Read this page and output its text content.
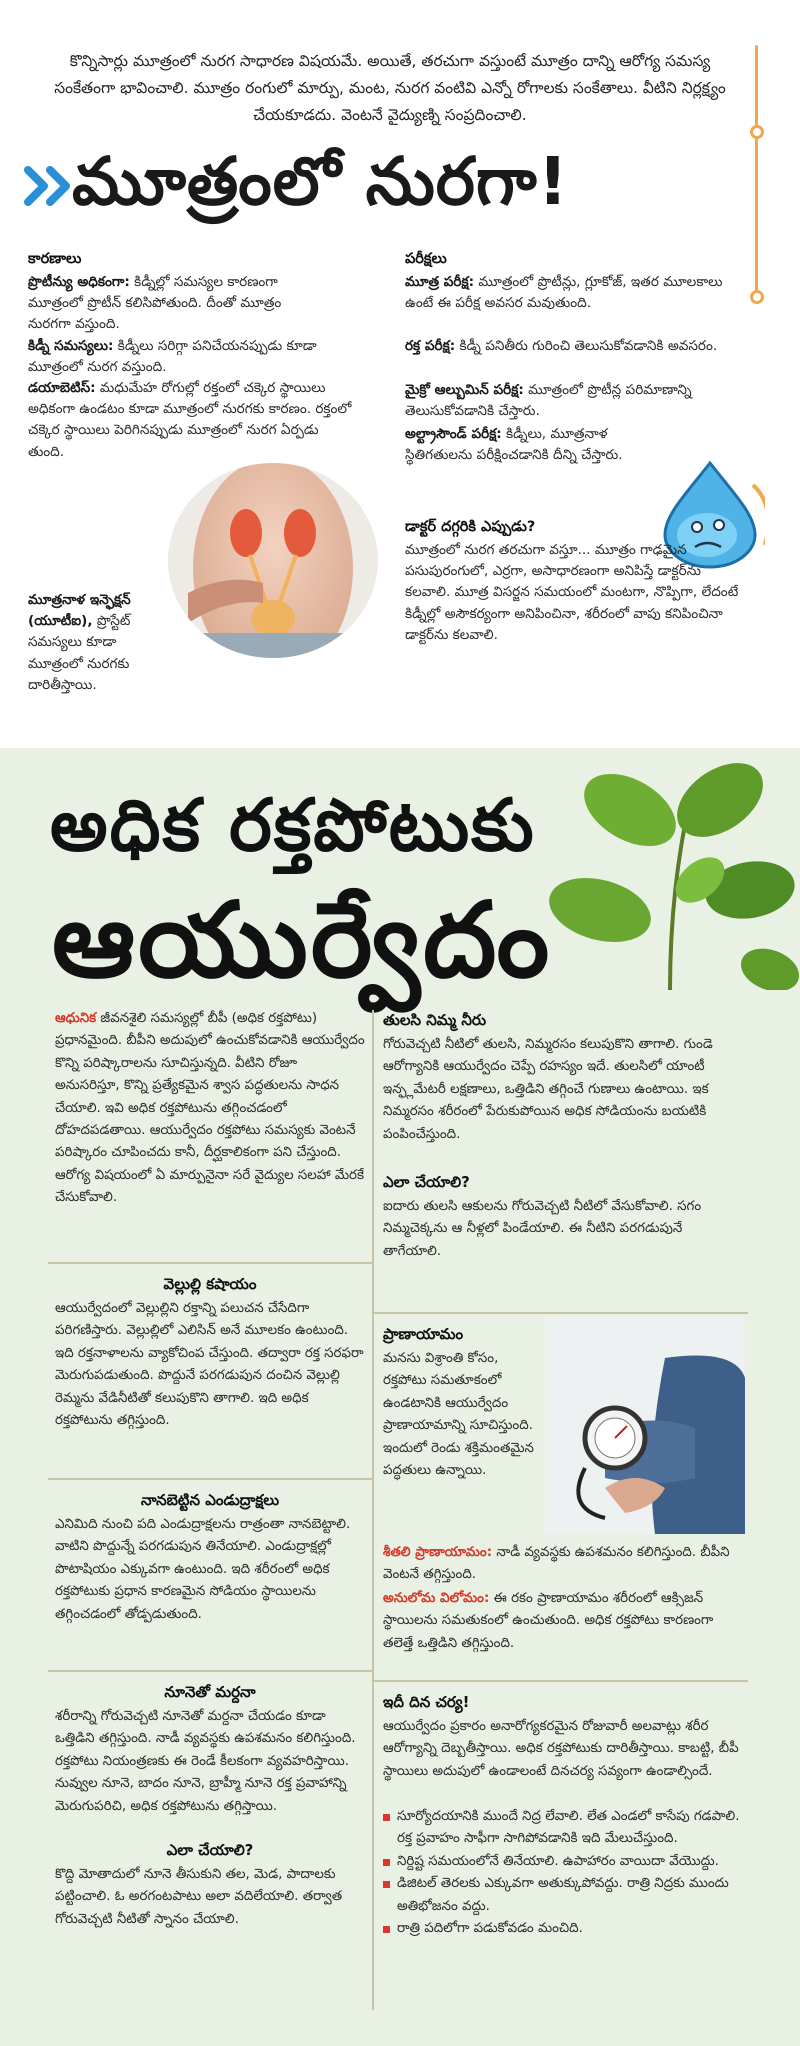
కొన్నిసార్లు మూత్రంలో నురగ సాధారణ విషయమే. అయితే, తరచుగా వస్తుంటే మూత్రం దాన్ని ఆరోగ్య సమస్య సంకేతంగా భావించాలి. మూత్రం రంగులో మార్పు, మంట, నురగ వంటివి ఎన్నో రోగాలకు సంకేతాలు. వీటిని నిర్లక్ష్యం చేయకూడదు. వెంటనే వైద్యుణ్ని సంప్రదించాలి.
మూత్రంలో నురగా!
కారణాలు
ప్రొటీన్యు అధికంగా: కిడ్నీల్లో సమస్యల కారణంగా మూత్రంలో ప్రొటీన్ కలిసిపోతుంది. దీంతో మూత్రం నురగగా వస్తుంది.
కిడ్నీ సమస్యలు: కిడ్నీలు సరిగ్గా పనిచేయనప్పుడు కూడా మూత్రంలో నురగ వస్తుంది.
డయాబెటిస్: మధుమేహ రోగుల్లో రక్తంలో చక్కెర స్థాయిలు అధికంగా ఉండటం కూడా మూత్రంలో నురగకు కారణం. రక్తంలో చక్కెర స్థాయిలు పెరిగినప్పుడు మూత్రంలో నురగ ఏర్పడు తుంది.
మూత్రనాళ ఇన్ఫెక్షన్ (యూటీఐ), ప్రొస్టేట్ సమస్యలు కూడా మూత్రంలో నురగకు దారితీస్తాయి.
పరీక్షలు
మూత్ర పరీక్ష: మూత్రంలో ప్రొటీన్లు, గ్లూకోజ్, ఇతర మూలకాలు ఉంటే ఈ పరీక్ష అవసర మవుతుంది.
రక్త పరీక్ష: కిడ్నీ పనితీరు గురించి తెలుసుకోవడానికి అవసరం.
మైక్రో ఆల్బుమిన్ పరీక్ష: మూత్రంలో ప్రొటీన్ల పరిమాణాన్ని తెలుసుకోవడానికి చేస్తారు.
అల్ట్రాసౌండ్ పరీక్ష: కిడ్నీలు, మూత్రనాళ స్థితిగతులను పరీక్షించడానికి దీన్ని చేస్తారు.
డాక్టర్ దగ్గరికి ఎప్పుడు?
మూత్రంలో నురగ తరచుగా వస్తూ... మూత్రం గాఢమైన పసుపురంగులో, ఎర్రగా, అసాధారణంగా అనిపిస్తే డాక్టర్‌ను కలవాలి. మూత్ర విసర్జన సమయంలో మంటగా, నొప్పిగా, లేదంటే కిడ్నీల్లో అసౌకర్యంగా అనిపించినా, శరీరంలో వాపు కనిపించినా డాక్టర్‌ను కలవాలి.
అధిక రక్తపోటుకు
ఆయుర్వేదం
ఆధునిక జీవనశైలి సమస్యల్లో బీపీ (అధిక రక్తపోటు) ప్రధానమైంది. బీపీని అదుపులో ఉంచుకోవడానికి ఆయుర్వేదం కొన్ని పరిష్కారాలను సూచిస్తున్నది. వీటిని రోజూ అనుసరిస్తూ, కొన్ని ప్రత్యేకమైన శ్వాస పద్ధతులను సాధన చేయాలి. ఇవి అధిక రక్తపోటును తగ్గించడంలో దోహదపడతాయి. ఆయుర్వేదం రక్తపోటు సమస్యకు వెంటనే పరిష్కారం చూపించదు కానీ, దీర్ఘకాలికంగా పని చేస్తుంది. ఆరోగ్య విషయంలో ఏ మార్పునైనా సరే వైద్యుల సలహా మేరకే చేసుకోవాలి.
వెల్లుల్లి కషాయం
ఆయుర్వేదంలో వెల్లుల్లిని రక్తాన్ని పలుచన చేసేదిగా పరిగణిస్తారు. వెల్లుల్లిలో ఎలిసిన్ అనే మూలకం ఉంటుంది. ఇది రక్తనాళాలను వ్యాకోచింప చేస్తుంది. తద్వారా రక్త సరఫరా మెరుగుపడుతుంది. పొద్దునే పరగడుపున దంచిన వెల్లుల్లి రెమ్మను వేడినీటితో కలుపుకొని తాగాలి. ఇది అధిక రక్తపోటును తగ్గిస్తుంది.
నానబెట్టిన ఎండుద్రాక్షలు
ఎనిమిది నుంచి పది ఎండుద్రాక్షలను రాత్రంతా నానబెట్టాలి. వాటిని పొద్దున్నే పరగడుపున తినేయాలి. ఎండుద్రాక్షల్లో పొటాషియం ఎక్కువగా ఉంటుంది. ఇది శరీరంలో అధిక రక్తపోటుకు ప్రధాన కారణమైన సోడియం స్థాయిలను తగ్గించడంలో తోడ్పడుతుంది.
నూనెతో మర్దనా
శరీరాన్ని గోరువెచ్చటి నూనెతో మర్దనా చేయడం కూడా ఒత్తిడిని తగ్గిస్తుంది. నాడీ వ్యవస్థకు ఉపశమనం కలిగిస్తుంది. రక్తపోటు నియంత్రణకు ఈ రెండే కీలకంగా వ్యవహరిస్తాయి. నువ్వుల నూనె, బాదం నూనె, బ్రాహ్మీ నూనె రక్త ప్రవాహాన్ని మెరుగుపరిచి, అధిక రక్తపోటును తగ్గిస్తాయి.
ఎలా చేయాలి?
కొద్ది మోతాదులో నూనె తీసుకుని తల, మెడ, పాదాలకు పట్టించాలి. ఓ అరగంటపాటు అలా వదిలేయాలి. తర్వాత గోరువెచ్చటి నీటితో స్నానం చేయాలి.
తులసి నిమ్మ నీరు
గోరువెచ్చటి నీటిలో తులసి, నిమ్మరసం కలుపుకొని తాగాలి. గుండె ఆరోగ్యానికి ఆయుర్వేదం చెప్పే రహస్యం ఇదే. తులసిలో యాంటీ ఇన్ఫ్లమేటరీ లక్షణాలు, ఒత్తిడిని తగ్గించే గుణాలు ఉంటాయి. ఇక నిమ్మరసం శరీరంలో పేరుకుపోయిన అధిక సోడియంను బయటికి పంపించేస్తుంది.
ఎలా చేయాలి?
ఐదారు తులసి ఆకులను గోరువెచ్చటి నీటిలో వేసుకోవాలి. సగం నిమ్మచెక్కను ఆ నీళ్లలో పిండేయాలి. ఈ నీటిని పరగడుపునే తాగేయాలి.
ప్రాణాయామం
మనసు విశ్రాంతి కోసం, రక్తపోటు సమతూకంలో ఉండటానికి ఆయుర్వేదం ప్రాణాయామాన్ని సూచిస్తుంది. ఇందులో రెండు శక్తిమంతమైన పద్ధతులు ఉన్నాయి.
శీతలి ప్రాణాయామం: నాడీ వ్యవస్థకు ఉపశమనం కలిగిస్తుంది. బీపీని వెంటనే తగ్గిస్తుంది.
అనులోమ విలోమం: ఈ రకం ప్రాణాయామం శరీరంలో ఆక్సిజన్ స్థాయిలను సమతుకంలో ఉంచుతుంది. అధిక రక్తపోటు కారణంగా తలెత్తే ఒత్తిడిని తగ్గిస్తుంది.
ఇదీ దిన చర్య!
ఆయుర్వేదం ప్రకారం అనారోగ్యకరమైన రోజువారీ అలవాట్లు శరీర ఆరోగ్యాన్ని దెబ్బతీస్తాయి. అధిక రక్తపోటుకు దారితీస్తాయి. కాబట్టి, బీపీ స్థాయిలు అదుపులో ఉండాలంటే దినచర్య సవ్యంగా ఉండాల్సిందే.
సూర్యోదయానికి ముందే నిద్ర లేవాలి. లేత ఎండలో కాసేపు గడపాలి. రక్త ప్రవాహం సాఫీగా సాగిపోవడానికి ఇది మేలుచేస్తుంది.
నిర్దిష్ట సమయంలోనే తినేయాలి. ఉపాహారం వాయిదా వేయొద్దు.
డిజిటల్ తెరలకు ఎక్కువగా అతుక్కుపోవద్దు. రాత్రి నిద్రకు ముందు అతిభోజనం వద్దు.
రాత్రి పదిలోగా పడుకోవడం మంచిది.
